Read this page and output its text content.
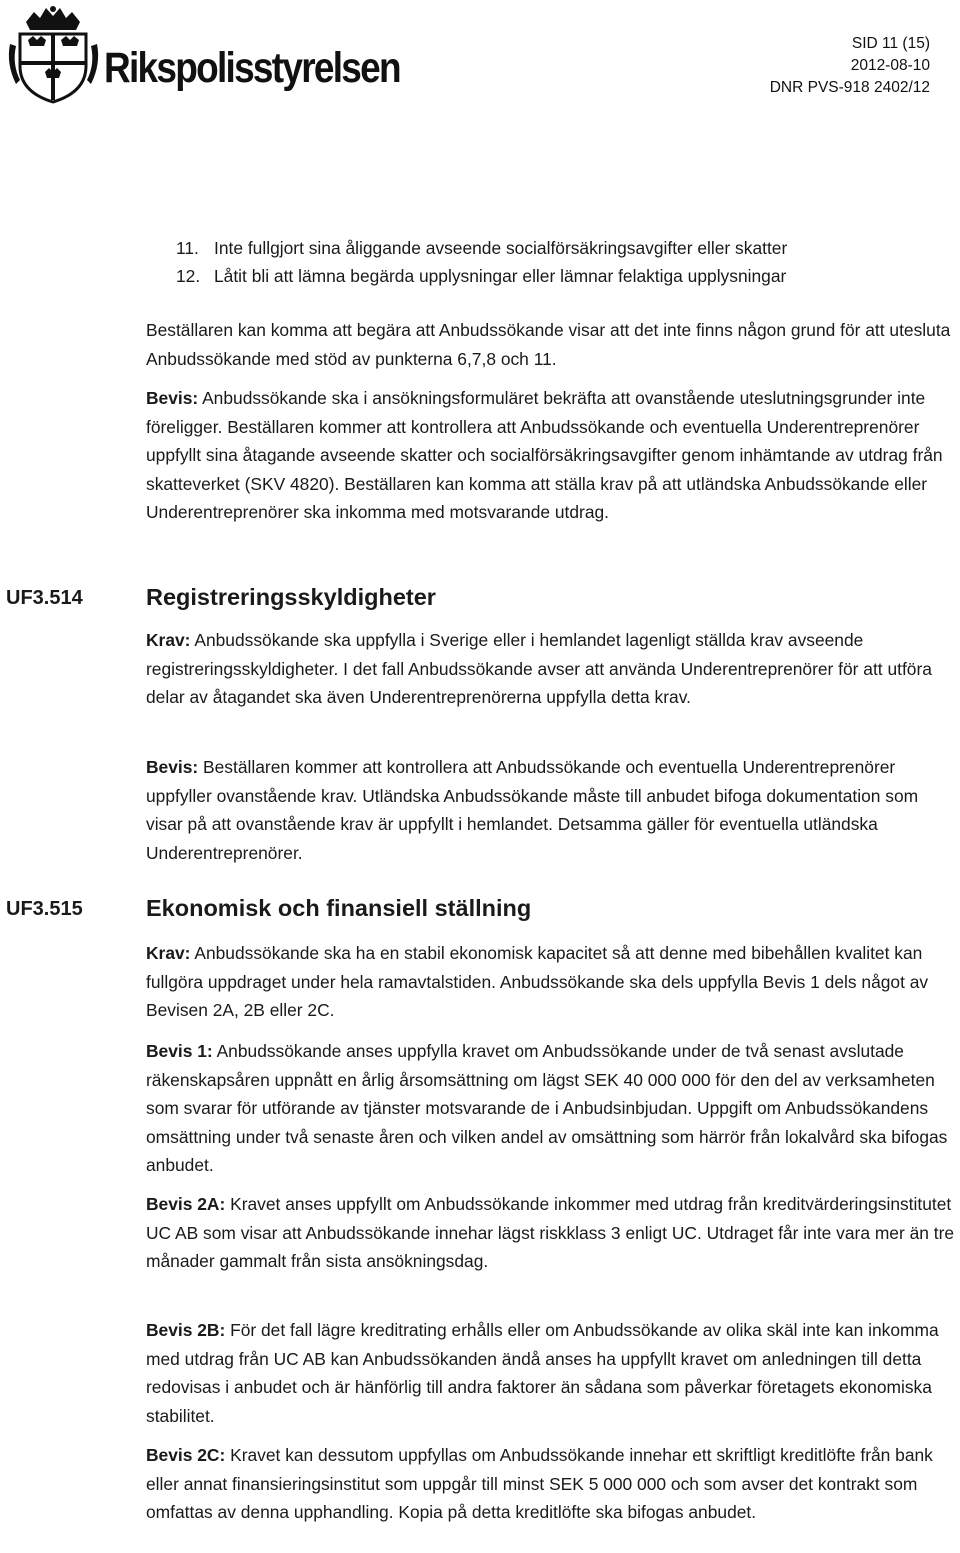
Rikspolisstyrelsen
SID 11 (15)
2012-08-10
DNR PVS-918 2402/12
11. Inte fullgjort sina åliggande avseende socialförsäkringsavgifter eller skatter
12. Låtit bli att lämna begärda upplysningar eller lämnar felaktiga upplysningar
Beställaren kan komma att begära att Anbudssökande visar att det inte finns någon grund för att utesluta Anbudssökande med stöd av punkterna 6,7,8 och 11.
Bevis: Anbudssökande ska i ansökningsformuläret bekräfta att ovanstående uteslutningsgrunder inte föreligger. Beställaren kommer att kontrollera att Anbudssökande och eventuella Underentreprenörer uppfyllt sina åtagande avseende skatter och socialförsäkringsavgifter genom inhämtande av utdrag från skatteverket (SKV 4820). Beställaren kan komma att ställa krav på att utländska Anbudssökande eller Underentreprenörer ska inkomma med motsvarande utdrag.
UF3.514	Registreringsskyldigheter
Krav: Anbudssökande ska uppfylla i Sverige eller i hemlandet lagenligt ställda krav avseende registreringsskyldigheter. I det fall Anbudssökande avser att använda Underentreprenörer för att utföra delar av åtagandet ska även Underentreprenörerna uppfylla detta krav.
Bevis: Beställaren kommer att kontrollera att Anbudssökande och eventuella Underentreprenörer uppfyller ovanstående krav. Utländska Anbudssökande måste till anbudet bifoga dokumentation som visar på att ovanstående krav är uppfyllt i hemlandet. Detsamma gäller för eventuella utländska Underentreprenörer.
UF3.515	Ekonomisk och finansiell ställning
Krav: Anbudssökande ska ha en stabil ekonomisk kapacitet så att denne med bibehållen kvalitet kan fullgöra uppdraget under hela ramavtalstiden. Anbudssökande ska dels uppfylla Bevis 1 dels något av Bevisen 2A, 2B eller 2C.
Bevis 1: Anbudssökande anses uppfylla kravet om Anbudssökande under de två senast avslutade räkenskapsåren uppnått en årlig årsomsättning om lägst SEK 40 000 000 för den del av verksamheten som svarar för utförande av tjänster motsvarande de i Anbudsinbjudan. Uppgift om Anbudssökandens omsättning under två senaste åren och vilken andel av omsättning som härrör från lokalvård ska bifogas anbudet.
Bevis 2A: Kravet anses uppfyllt om Anbudssökande inkommer med utdrag från kreditvärderingsinstitutet UC AB som visar att Anbudssökande innehar lägst riskklass 3 enligt UC. Utdraget får inte vara mer än tre månader gammalt från sista ansökningsdag.
Bevis 2B: För det fall lägre kreditrating erhålls eller om Anbudssökande av olika skäl inte kan inkomma med utdrag från UC AB kan Anbudssökanden ändå anses ha uppfyllt kravet om anledningen till detta redovisas i anbudet och är hänförlig till andra faktorer än sådana som påverkar företagets ekonomiska stabilitet.
Bevis 2C: Kravet kan dessutom uppfyllas om Anbudssökande innehar ett skriftligt kreditlöfte från bank eller annat finansieringsinstitut som uppgår till minst SEK 5 000 000 och som avser det kontrakt som omfattas av denna upphandling. Kopia på detta kreditlöfte ska bifogas anbudet.
